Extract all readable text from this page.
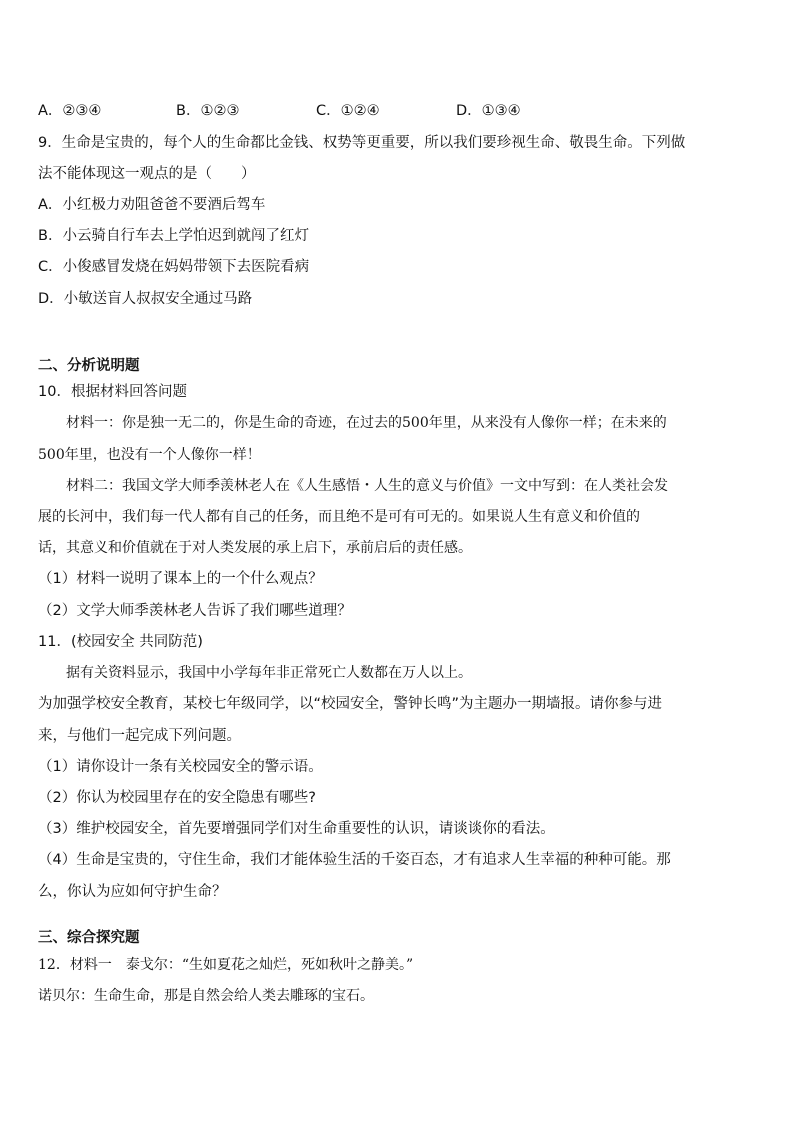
A．②③④	B．①②③	C．①②④	D．①③④
9．生命是宝贵的，每个人的生命都比金钱、权势等更重要，所以我们要珍视生命、敬畏生命。下列做
法不能体现这一观点的是（　　）
A．小红极力劝阻爸爸不要酒后驾车
B．小云骑自行车去上学怕迟到就闯了红灯
C．小俊感冒发烧在妈妈带领下去医院看病
D．小敏送盲人叔叔安全通过马路
二、分析说明题
10．根据材料回答问题
材料一：你是独一无二的，你是生命的奇迹，在过去的500年里，从来没有人像你一样；在未来的
500年里，也没有一个人像你一样！
材料二：我国文学大师季羡林老人在《人生感悟・人生的意义与价值》一文中写到：在人类社会发
展的长河中，我们每一代人都有自己的任务，而且绝不是可有可无的。如果说人生有意义和价值的
话，其意义和价值就在于对人类发展的承上启下，承前启后的责任感。
（1）材料一说明了课本上的一个什么观点？
（2）文学大师季羡林老人告诉了我们哪些道理？
11．(校园安全 共同防范)
据有关资料显示，我国中小学每年非正常死亡人数都在万人以上。
为加强学校安全教育，某校七年级同学，以“校园安全，警钟长鸣”为主题办一期墙报。请你参与进
来，与他们一起完成下列问题。
（1）请你设计一条有关校园安全的警示语。
（2）你认为校园里存在的安全隐患有哪些?
（3）维护校园安全，首先要增强同学们对生命重要性的认识，请谈谈你的看法。
（4）生命是宝贵的，守住生命，我们才能体验生活的千姿百态，才有追求人生幸福的种种可能。那
么，你认为应如何守护生命？
三、综合探究题
12．材料一　泰戈尔：“生如夏花之灿烂，死如秋叶之静美。”
诺贝尔：生命生命，那是自然会给人类去雕琢的宝石。
